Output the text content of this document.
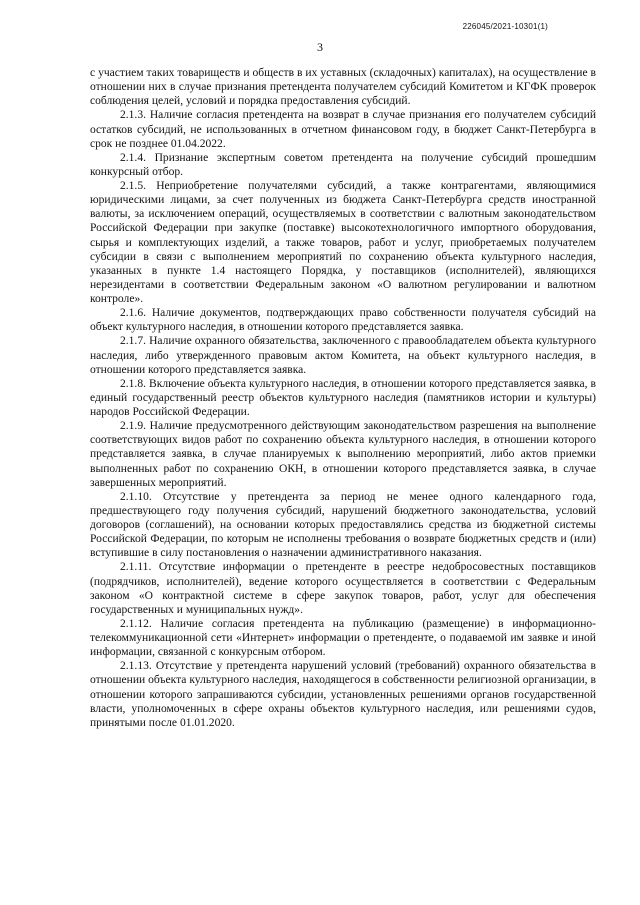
226045/2021-10301(1)
3

с участием таких товариществ и обществ в их уставных (складочных) капиталах), на осуществление в отношении них в случае признания претендента получателем субсидий Комитетом и КГФК проверок соблюдения целей, условий и порядка предоставления субсидий.

2.1.3. Наличие согласия претендента на возврат в случае признания его получателем субсидий остатков субсидий, не использованных в отчетном финансовом году, в бюджет Санкт-Петербурга в срок не позднее 01.04.2022.

2.1.4. Признание экспертным советом претендента на получение субсидий прошедшим конкурсный отбор.

2.1.5. Неприобретение получателями субсидий, а также контрагентами, являющимися юридическими лицами, за счет полученных из бюджета Санкт-Петербурга средств иностранной валюты, за исключением операций, осуществляемых в соответствии с валютным законодательством Российской Федерации при закупке (поставке) высокотехнологичного импортного оборудования, сырья и комплектующих изделий, а также товаров, работ и услуг, приобретаемых получателем субсидии в связи с выполнением мероприятий по сохранению объекта культурного наследия, указанных в пункте 1.4 настоящего Порядка, у поставщиков (исполнителей), являющихся нерезидентами в соответствии Федеральным законом «О валютном регулировании и валютном контроле».

2.1.6. Наличие документов, подтверждающих право собственности получателя субсидий на объект культурного наследия, в отношении которого представляется заявка.

2.1.7. Наличие охранного обязательства, заключенного с правообладателем объекта культурного наследия, либо утвержденного правовым актом Комитета, на объект культурного наследия, в отношении которого представляется заявка.

2.1.8. Включение объекта культурного наследия, в отношении которого представляется заявка, в единый государственный реестр объектов культурного наследия (памятников истории и культуры) народов Российской Федерации.

2.1.9. Наличие предусмотренного действующим законодательством разрешения на выполнение соответствующих видов работ по сохранению объекта культурного наследия, в отношении которого представляется заявка, в случае планируемых к выполнению мероприятий, либо актов приемки выполненных работ по сохранению ОКН, в отношении которого представляется заявка, в случае завершенных мероприятий.

2.1.10. Отсутствие у претендента за период не менее одного календарного года, предшествующего году получения субсидий, нарушений бюджетного законодательства, условий договоров (соглашений), на основании которых предоставлялись средства из бюджетной системы Российской Федерации, по которым не исполнены требования о возврате бюджетных средств и (или) вступившие в силу постановления о назначении административного наказания.

2.1.11. Отсутствие информации о претенденте в реестре недобросовестных поставщиков (подрядчиков, исполнителей), ведение которого осуществляется в соответствии с Федеральным законом «О контрактной системе в сфере закупок товаров, работ, услуг для обеспечения государственных и муниципальных нужд».

2.1.12. Наличие согласия претендента на публикацию (размещение) в информационно-телекоммуникационной сети «Интернет» информации о претенденте, о подаваемой им заявке и иной информации, связанной с конкурсным отбором.

2.1.13. Отсутствие у претендента нарушений условий (требований) охранного обязательства в отношении объекта культурного наследия, находящегося в собственности религиозной организации, в отношении которого запрашиваются субсидии, установленных решениями органов государственной власти, уполномоченных в сфере охраны объектов культурного наследия, или решениями судов, принятыми после 01.01.2020.
